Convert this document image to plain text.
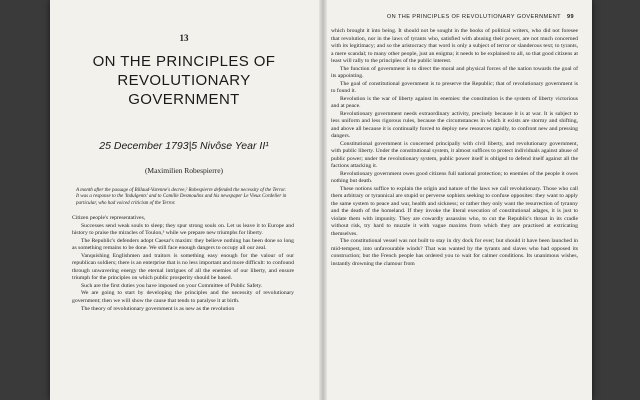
13
ON THE PRINCIPLES OF
REVOLUTIONARY
GOVERNMENT
25 December 1793|5 Nivôse Year II¹
(Maximilien Robespierre)
A month after the passage of Billaud-Varenne's decree,² Robespierre defended the necessity of the Terror. It was a response to the 'Indulgents' and to Camille Desmoulins and his newspaper Le Vieux Cordelier in particular, who had voiced criticism of the Terror.

Citizen people's representatives,

Successes send weak souls to sleep; they spur strong souls on. Let us leave it to Europe and history to praise the miracles of Toulon,³ while we prepare new triumphs for liberty.

The Republic's defenders adopt Caesar's maxim: they believe nothing has been done so long as something remains to be done. We still face enough dangers to occupy all our zeal.

Vanquishing Englishmen and traitors is something easy enough for the valour of our republican soldiers; there is an enterprise that is no less important and more difficult: to confound through unwavering energy the eternal intrigues of all the enemies of our liberty, and ensure triumph for the principles on which public prosperity should be based.

Such are the first duties you have imposed on your Committee of Public Safety.

We are going to start by developing the principles and the necessity of revolutionary government; then we will show the cause that tends to paralyse it at birth.

The theory of revolutionary government is as new as the revolution

ON THE PRINCIPLES OF REVOLUTIONARY GOVERNMENT 99

which brought it into being. It should not be sought in the books of political writers, who did not foresee that revolution, nor in the laws of tyrants who, satisfied with abusing their power, are not much concerned with its legitimacy; and so the aristocracy that word is only a subject of terror or slanderous text; to tyrants, a mere scandal; to many other people, just an enigma; it needs to be explained to all, so that good citizens at least will rally to the principles of the public interest.

The function of government is to direct the moral and physical forces of the nation towards the goal of its appointing.

The goal of constitutional government is to preserve the Republic; that of revolutionary government is to found it.

Revolution is the war of liberty against its enemies: the constitution is the system of liberty victorious and at peace.

Revolutionary government needs extraordinary activity, precisely because it is at war. It is subject to less uniform and less rigorous rules, because the circumstances in which it exists are stormy and shifting, and above all because it is continually forced to deploy new resources rapidly, to confront new and pressing dangers.

Constitutional government is concerned principally with civil liberty, and revolutionary government, with public liberty. Under the constitutional system, it almost suffices to protect individuals against abuse of public power; under the revolutionary system, public power itself is obliged to defend itself against all the factions attacking it.

Revolutionary government owes good citizens full national protection; to enemies of the people it owes nothing but death.

These notions suffice to explain the origin and nature of the laws we call revolutionary. Those who call them arbitrary or tyrannical are stupid or perverse sophists seeking to confuse opposites: they want to apply the same system to peace and war, health and sickness; or rather they only want the resurrection of tyranny and the death of the homeland. If they invoke the literal execution of constitutional adages, it is just to violate them with impunity. They are cowardly assassins who, to cut the Republic's throat in its cradle without risk, try hard to muzzle it with vague maxims from which they are practised at extricating themselves.

The constitutional vessel was not built to stay in dry dock for ever; but should it have been launched in mid-tempest, into unfavourable winds? That was wanted by the tyrants and slaves who had opposed its construction; but the French people has ordered you to wait for calmer conditions. Its unanimous wishes, instantly drowning the clamour from
